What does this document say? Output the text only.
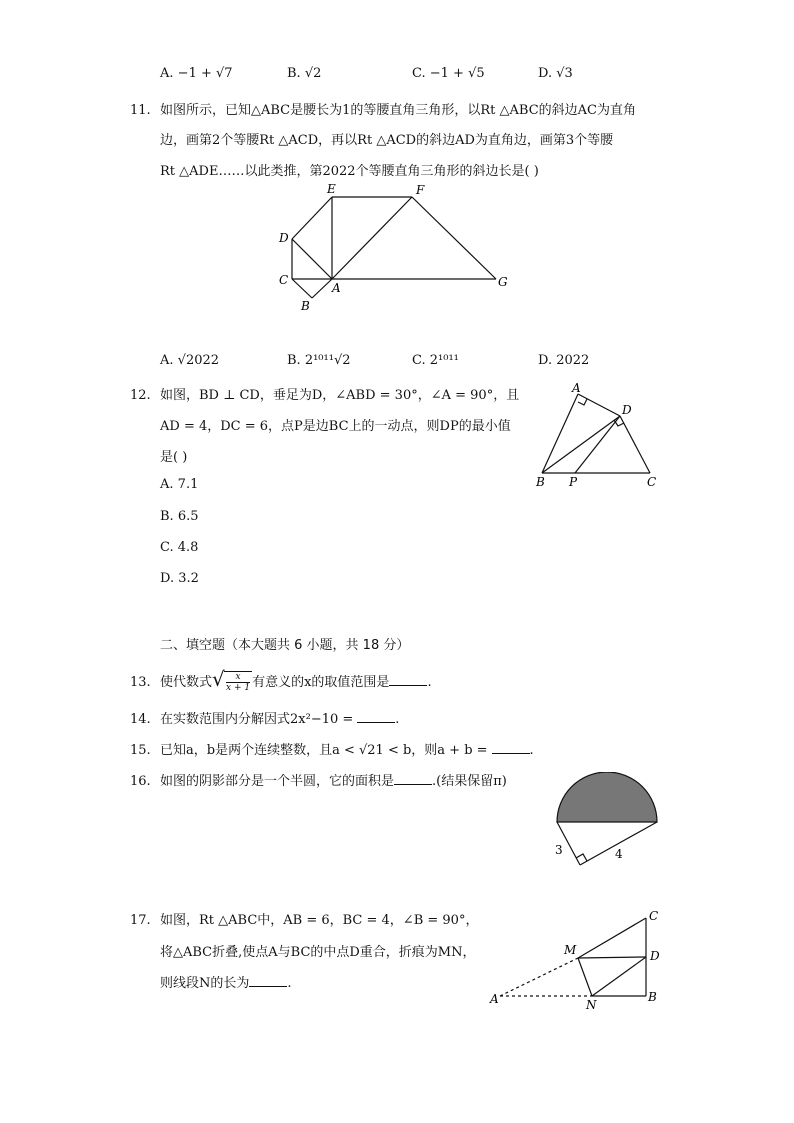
A. −1 + √7	B. √2	C. −1 + √5	D. √3
11. 如图所示，已知△ABC是腰长为1的等腰直角三角形，以Rt △ABC的斜边AC为直角
边，画第2个等腰Rt △ACD，再以Rt △ACD的斜边AD为直角边，画第3个等腰
Rt △ADE……以此类推，第2022个等腰直角三角形的斜边长是( )
E	F
D
C
A
B
G
A. √2022	B. 2¹⁰¹¹√2	C. 2¹⁰¹¹	D. 2022
12. 如图，BD ⊥ CD，垂足为D，∠ABD = 30°，∠A = 90°，且
AD = 4，DC = 6，点P是边BC上的一动点，则DP的最小值
是( )
A. 7.1
B. 6.5
C. 4.8
D. 3.2
A
D
B P	C
二、填空题（本大题共 6 小题，共 18 分）
13. 使代数式 √ $\frac{x}{x + 1}$ 有意义的x的取值范围是	.
14. 在实数范围内分解因式2x²−10 =	.
15. 已知a，b是两个连续整数，且a < √21 < b，则a + b =	.
16. 如图的阴影部分是一个半圆，它的面积是	.(结果保留π)
3	4
17. 如图，Rt △ABC中，AB = 6，BC = 4，∠B = 90°，
将△ABC折叠,使点A与BC的中点D重合，折痕为MN，
则线段N的长为	.
C
M	D
A	N
B
